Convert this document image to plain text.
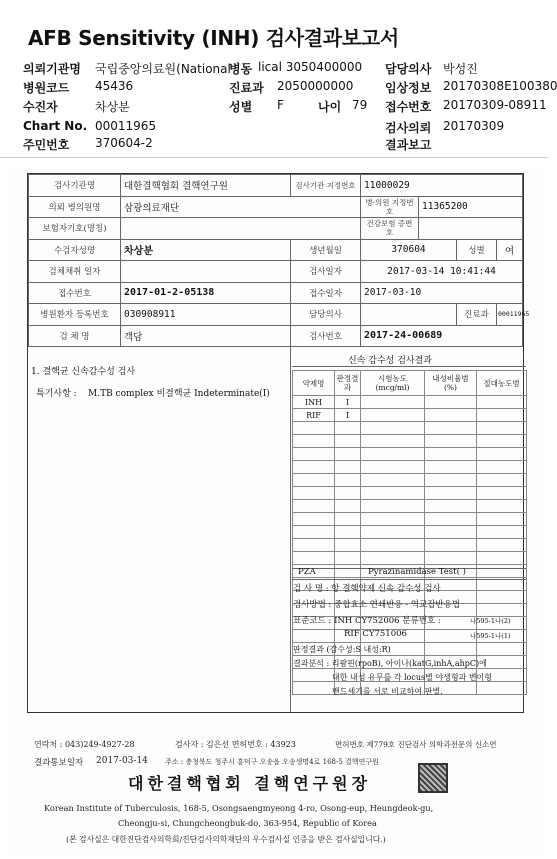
AFB Sensitivity (INH) 검사결과보고서
의뢰기관명 국립중앙의료원(National
병동 lical 3050400000 담당의사 박성진
병원코드 45436	진료과 2050000000	임상정보 20170308E100380
수진자	차상분	성별 F	나이 79 접수번호 20170309-08911
Chart No. 00011965	검사의뢰 20170309
주민번호 370604-2	결과보고
검사기관명	대한결핵협회 결핵연구원	검사기관 지정번호	11000029			
의뢰 병의원명	삼광의료재단		병·의원 지정번호	11365200		
보험자기호(명칭)			건강보험 증번호			
수검자성명	차상분	생년월일	370604		성별	여
검체채취 일자		검사일자	2017-03-14 10:41:44			
접수번호	2017-01-2-05138	접수일자	2017-03-10			
병원환자 등록번호	030908911	담당의사			진료과	00011965
검 체 명	객담	검사번호	2017-24-00689			
1. 결핵균 신속감수성 검사
특기사항 : M.TB complex 비결핵균 Indeterminate(I)
신속 감수성 검사결과
약제명	판정결과	시험농도(mcg/ml)	내성비율범(%)	절대농도범
INH	I			
RIF	I			

PZA	Pyrazinamidase Test( )
검 사 명 : 항 결핵약제 신속 감수성 검사
검사방법 : 중합효소 연쇄반응 - 역교잡반응법
표준코드 : INH CY752006 분류번호 :	나595-1나(2)
RIF CY751006	나595-1나(1)
판정결과 (감수성:S 내성:R)
결과분석 : 리팜핀(rpoB), 아이나(katG,inhA,ahpC)에
대한 내성 유무를 각 locus별 야생형과 변이형
밴드세기를 서로 비교하여 판별.
연락처 : 043)249-4927-28	검사자 : 김은선 면허번호 : 43923	면허번호 제779호 진단검사 의학과전문의 신소연
결과통보일자 2017-03-14 주소 : 충청북도 청주시 흥덕구 오송읍 오송생명4로 168-5 결핵연구원
대한결핵협회 결핵연구원장
Korean Institute of Tuberculosis, 168-5, Osongsaengmyeong 4-ro, Osong-eup, Heungdeok-gu,
Cheongju-si, Chungcheongbuk-do, 363-954, Republic of Korea
(본 검사실은 대한진단검사의학회/진단검사의학재단의 우수검사실 인증을 받은 검사실입니다.)
